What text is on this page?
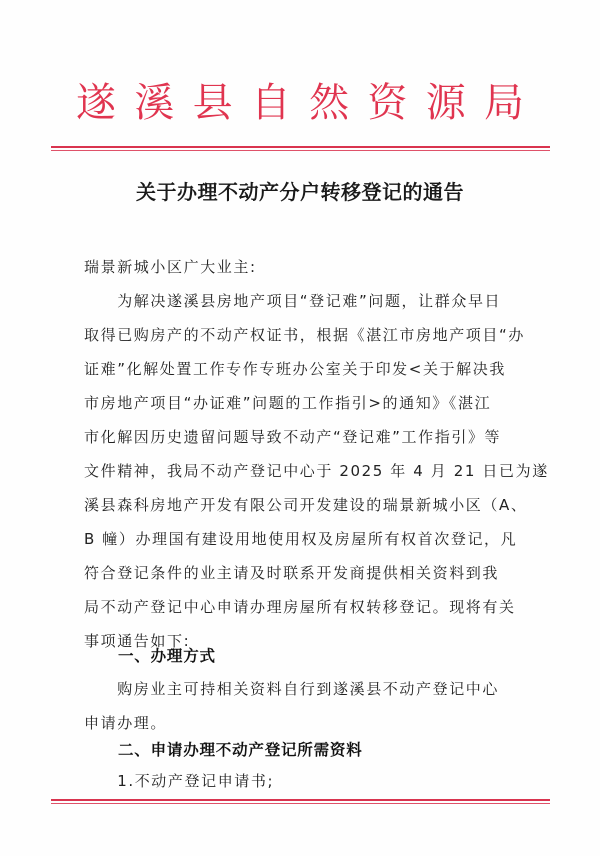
遂 溪 县 自 然 资 源 局
关于办理不动产分户转移登记的通告
瑞景新城小区广大业主:
　　为解决遂溪县房地产项目“登记难”问题，让群众早日
取得已购房产的不动产权证书，根据《湛江市房地产项目“办
证难”化解处置工作专作专班办公室关于印发<关于解决我
市房地产项目“办证难”问题的工作指引>的通知》《湛江
市化解因历史遗留问题导致不动产“登记难”工作指引》等
文件精神，我局不动产登记中心于 2025 年 4 月 21 日已为遂
溪县森科房地产开发有限公司开发建设的瑞景新城小区（A、
B 幢）办理国有建设用地使用权及房屋所有权首次登记，凡
符合登记条件的业主请及时联系开发商提供相关资料到我
局不动产登记中心申请办理房屋所有权转移登记。现将有关
事项通告如下:
一、办理方式
　　购房业主可持相关资料自行到遂溪县不动产登记中心
申请办理。
二、申请办理不动产登记所需资料
　　1.不动产登记申请书;
